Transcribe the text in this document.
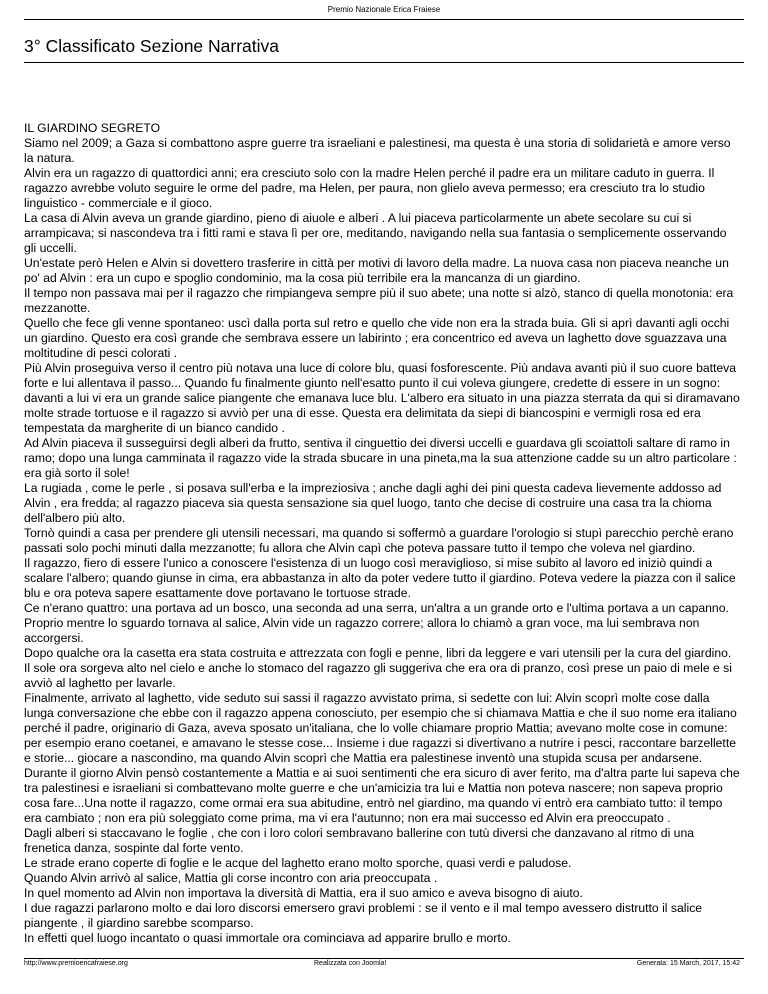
Premio Nazionale Erica Fraiese
3° Classificato Sezione Narrativa

IL GIARDINO SEGRETO

Siamo nel 2009; a Gaza si combattono aspre guerre tra israeliani e palestinesi, ma questa è una storia di solidarietà e amore verso la natura.

Alvin era un ragazzo di quattordici anni; era cresciuto solo con la madre Helen perché il padre era un militare caduto in guerra. Il ragazzo avrebbe voluto seguire le orme del padre, ma Helen, per paura, non glielo aveva permesso; era cresciuto tra lo studio linguistico - commerciale e il gioco.

La casa di Alvin aveva un grande giardino, pieno di aiuole e alberi . A lui piaceva particolarmente un abete secolare su cui si arrampicava; si nascondeva tra i fitti rami e stava lì per ore, meditando, navigando nella sua fantasia o semplicemente osservando gli uccelli.

Un'estate però Helen e Alvin si dovettero trasferire in città per motivi di lavoro della madre. La nuova casa non piaceva neanche un po' ad Alvin : era un cupo e spoglio condominio, ma la cosa più terribile era la mancanza di un giardino.

Il tempo non passava mai per il ragazzo che rimpiangeva sempre più il suo abete; una notte si alzò, stanco di quella monotonia: era mezzanotte.

Quello che fece gli venne spontaneo: uscì dalla porta sul retro e quello che vide non era la strada buia. Gli si aprì davanti agli occhi un giardino. Questo era così grande che sembrava essere un labirinto ; era concentrico ed aveva un laghetto dove sguazzava una moltitudine di pesci colorati .

Più Alvin proseguiva verso il centro più notava una luce di colore blu, quasi fosforescente. Più andava avanti più il suo cuore batteva forte e lui allentava il passo... Quando fu finalmente giunto nell'esatto punto il cui voleva giungere, credette di essere in un sogno: davanti a lui vi era un grande salice piangente che emanava luce blu. L'albero era situato in una piazza sterrata da qui si diramavano molte strade tortuose e il ragazzo si avviò per una di esse. Questa era delimitata da siepi di biancospini e vermigli rosa ed era tempestata da margherite di un bianco candido .

Ad Alvin piaceva il susseguirsi degli alberi da frutto, sentiva il cinguettio dei diversi uccelli e guardava gli scoiattoli saltare di ramo in ramo; dopo una lunga camminata il ragazzo vide la strada sbucare in una pineta,ma la sua attenzione cadde su un altro particolare : era già sorto il sole!

La rugiada , come le perle , si posava sull'erba e la impreziosiva ; anche dagli aghi dei pini questa cadeva lievemente addosso ad Alvin , era fredda; al ragazzo piaceva sia questa sensazione sia quel luogo, tanto che decise di costruire una casa tra la chioma dell'albero più alto.

Tornò quindi a casa per prendere gli utensili necessari, ma quando si soffermò a guardare l'orologio si stupì parecchio perchè erano passati solo pochi minuti dalla mezzanotte; fu allora che Alvin capì che poteva passare tutto il tempo che voleva nel giardino.

Il ragazzo, fiero di essere l'unico a conoscere l'esistenza di un luogo così meraviglioso, si mise subito al lavoro ed iniziò quindi a scalare l'albero; quando giunse in cima, era abbastanza in alto da poter vedere tutto il giardino. Poteva vedere la piazza con il salice blu e ora poteva sapere esattamente dove portavano le tortuose strade.

Ce n'erano quattro: una portava ad un bosco, una seconda ad una serra, un'altra a un grande orto e l'ultima portava a un capanno.

Proprio mentre lo sguardo tornava al salice, Alvin vide un ragazzo correre; allora lo chiamò a gran voce, ma lui sembrava non accorgersi.

Dopo qualche ora la casetta era stata costruita e attrezzata con fogli e penne, libri da leggere e vari utensili per la cura del giardino.

Il sole ora sorgeva alto nel cielo e anche lo stomaco del ragazzo gli suggeriva che era ora di pranzo, così prese un paio di mele e si avviò al laghetto per lavarle.

Finalmente, arrivato al laghetto, vide seduto sui sassi il ragazzo avvistato prima, si sedette con lui: Alvin scoprì molte cose dalla lunga conversazione che ebbe con il ragazzo appena conosciuto, per esempio che si chiamava Mattia e che il suo nome era italiano perché il padre, originario di Gaza, aveva sposato un'italiana, che lo volle chiamare proprio Mattia; avevano molte cose in comune: per esempio erano coetanei, e amavano le stesse cose... Insieme i due ragazzi si divertivano a nutrire i pesci, raccontare barzellette e storie... giocare a nascondino, ma quando Alvin scoprì che Mattia era palestinese inventò una stupida scusa per andarsene.

Durante il giorno Alvin pensò costantemente a Mattia e ai suoi sentimenti che era sicuro di aver ferito, ma d'altra parte lui sapeva che tra palestinesi e israeliani si combattevano molte guerre e che un'amicizia tra lui e Mattia non poteva nascere; non sapeva proprio cosa fare...Una notte il ragazzo, come ormai era sua abitudine, entrò nel giardino, ma quando vi entrò era cambiato tutto: il tempo era cambiato ; non era più soleggiato come prima, ma vi era l'autunno; non era mai successo ed Alvin era preoccupato .

Dagli alberi si staccavano le foglie , che con i loro colori sembravano ballerine con tutù diversi che danzavano al ritmo di una frenetica danza, sospinte dal forte vento.

Le strade erano coperte di foglie e le acque del laghetto erano molto sporche, quasi verdi e paludose.

Quando Alvin arrivò al salice, Mattia gli corse incontro con aria preoccupata .

In quel momento ad Alvin non importava la diversità di Mattia, era il suo amico e aveva bisogno di aiuto.

I due ragazzi parlarono molto e dai loro discorsi emersero gravi problemi : se il vento e il mal tempo avessero distrutto il salice piangente , il giardino sarebbe scomparso.

In effetti quel luogo incantato o quasi immortale ora cominciava ad apparire brullo e morto.

http://www.premioericafraiese.org	Realizzata con Joomla!	Generata: 15 March, 2017, 15:42
